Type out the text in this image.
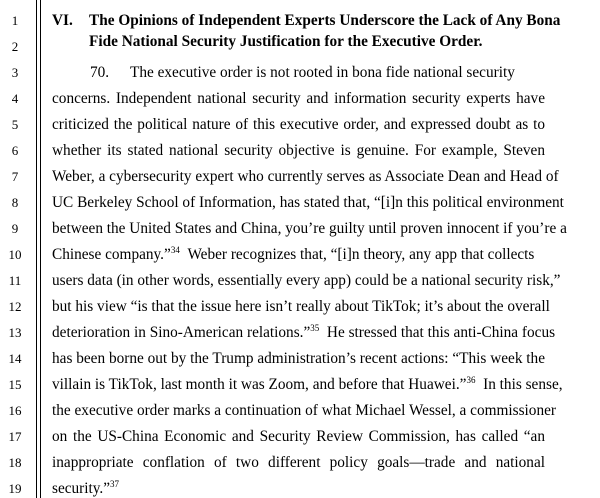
1
2
3
4
5
6
7
8
9
10
11
12
13
14
15
16
17
18
19
VI. The Opinions of Independent Experts Underscore the Lack of Any Bona
Fide National Security Justification for the Executive Order.
70. The executive order is not rooted in bona fide national security
concerns. Independent national security and information security experts have
criticized the political nature of this executive order, and expressed doubt as to
whether its stated national security objective is genuine. For example, Steven
Weber, a cybersecurity expert who currently serves as Associate Dean and Head of
UC Berkeley School of Information, has stated that, “[i]n this political environment
between the United States and China, you’re guilty until proven innocent if you’re a
Chinese company.”$^{34}$ Weber recognizes that, “[i]n theory, any app that collects
users data (in other words, essentially every app) could be a national security risk,”
but his view “is that the issue here isn’t really about TikTok; it’s about the overall
deterioration in Sino-American relations.”$^{35}$ He stressed that this anti-China focus
has been borne out by the Trump administration’s recent actions: “This week the
villain is TikTok, last month it was Zoom, and before that Huawei.”$^{36}$ In this sense,
the executive order marks a continuation of what Michael Wessel, a commissioner
on the US-China Economic and Security Review Commission, has called “an
inappropriate conflation of two different policy goals—trade and national
security.”$^{37}$
